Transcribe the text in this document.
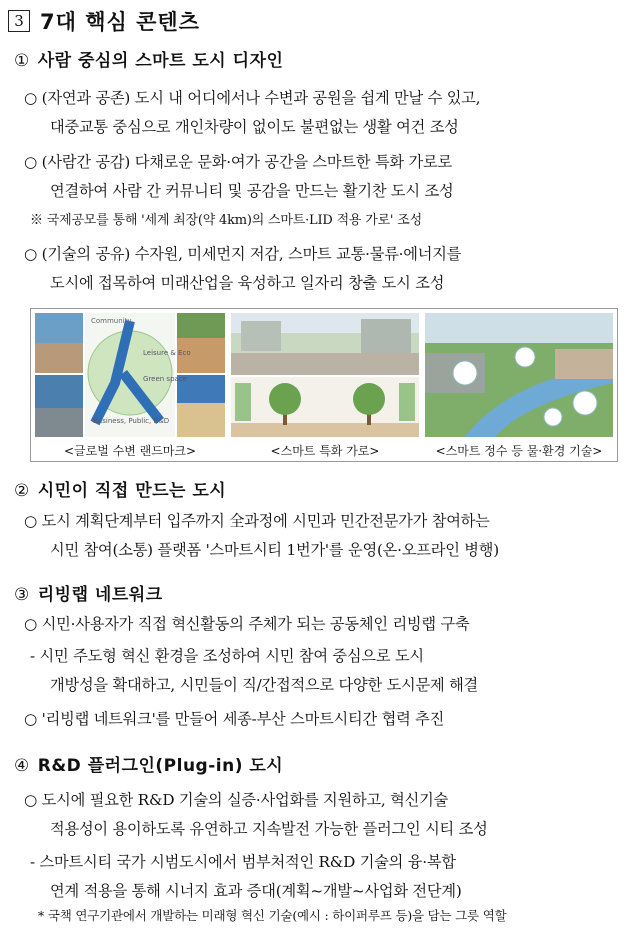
3 7대 핵심 콘텐츠
① 사람 중심의 스마트 도시 디자인
○ (자연과 공존) 도시 내 어디에서나 수변과 공원을 쉽게 만날 수 있고,

대중교통 중심으로 개인차량이 없이도 불편없는 생활 여건 조성
○ (사람간 공감) 다채로운 문화·여가 공간을 스마트한 특화 가로로

연결하여 사람 간 커뮤니티 및 공감을 만드는 활기찬 도시 조성
※ 국제공모를 통해 '세계 최장(약 4km)의 스마트·LID 적용 가로' 조성
○ (기술의 공유) 수자원, 미세먼지 저감, 스마트 교통·물류·에너지를

도시에 접목하여 미래산업을 육성하고 일자리 창출 도시 조성
Community
Leisure & Eco
Green space
Business, Public, R&D
<글로벌 수변 랜드마크>	<스마트 특화 가로>	<스마트 정수 등 물·환경 기술>
② 시민이 직접 만드는 도시
○ 도시 계획단계부터 입주까지 全과정에 시민과 민간전문가가 참여하는

시민 참여(소통) 플랫폼 '스마트시티 1번가'를 운영(온·오프라인 병행)
③ 리빙랩 네트워크
○ 시민·사용자가 직접 혁신활동의 주체가 되는 공동체인 리빙랩 구축
- 시민 주도형 혁신 환경을 조성하여 시민 참여 중심으로 도시

개방성을 확대하고, 시민들이 직/간접적으로 다양한 도시문제 해결
○ '리빙랩 네트워크'를 만들어 세종-부산 스마트시티간 협력 추진
④ R&D 플러그인(Plug-in) 도시
○ 도시에 필요한 R&D 기술의 실증·사업화를 지원하고, 혁신기술

적용성이 용이하도록 유연하고 지속발전 가능한 플러그인 시티 조성
- 스마트시티 국가 시범도시에서 범부처적인 R&D 기술의 융·복합

연계 적용을 통해 시너지 효과 증대(계획~개발~사업화 전단계)
* 국책 연구기관에서 개발하는 미래형 혁신 기술(예시 : 하이퍼루프 등)을 담는 그릇 역할
